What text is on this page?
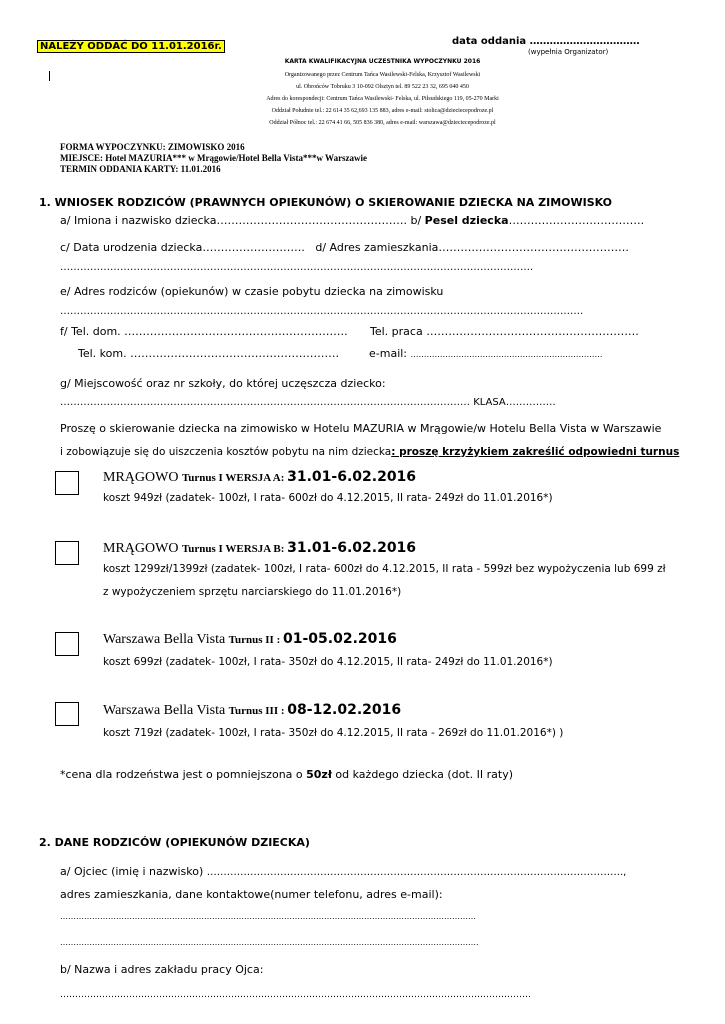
NALEŻY ODDAĆ DO 11.01.2016r.	data oddania ……………………………
(wypełnia Organizator)
KARTA KWALIFIKACYJNA UCZESTNIKA WYPOCZYNKU 2016
Organizowanego przez Centrum Tańca Wasilewski-Felska, Krzysztof Wasilewski
ul. Obrońców Tobruku 3 10-092 Olsztyn tel. 89 522 23 32, 695 040 450
Adres do korespondecji: Centrum Tańca Wasilewski- Felska, ul. Piłsudskiego 119, 05-270 Marki
Oddział Południe tel.: 22 614 35 62,693 135 883, adres e-mail: stolica@dzieciecepodroze.pl
Oddział Północ tel.: 22 674 41 66, 505 836 380, adres e-mail: warszawa@dzieciecepodroze.pl
FORMA WYPOCZYNKU: ZIMOWISKO 2016
MIEJSCE: Hotel MAZURIA*** w Mrągowie/Hotel Bella Vista***w Warszawie
TERMIN ODDANIA KARTY: 11.01.2016
1. WNIOSEK RODZICÓW (PRAWNYCH OPIEKUNÓW) O SKIEROWANIE DZIECKA NA ZIMOWISKO
a/ Imiona i nazwisko dziecka……………………………………………. b/ Pesel dziecka……………………………….
c/ Data urodzenia dziecka………………………. d/ Adres zamieszkania…………………………………………….
…………………………………………………………………………………………………………………………….
e/ Adres rodziców (opiekunów) w czasie pobytu dziecka na zimowisku
………………………………………………………………………………………………………………………………………….
f/ Tel. dom. ……………………………………………………. Tel. praca ………………………………………………….
Tel. kom. …………………………………………………	e-mail: ………………………………………………………………
g/ Miejscowość oraz nr szkoły, do której uczęszcza dziecko:
…………………………………………………………………………………………………………… KLASA……………
Proszę o skierowanie dziecka na zimowisko w Hotelu MAZURIA w Mrągowie/w Hotelu Bella Vista w Warszawie
i zobowiązuje się do uiszczenia kosztów pobytu na nim dziecka: proszę krzyżykiem zakreślić odpowiedni turnus
MRĄGOWO Turnus I WERSJA A: 31.01-6.02.2016
koszt 949zł (zadatek- 100zł, I rata- 600zł do 4.12.2015, II rata- 249zł do 11.01.2016*)
MRĄGOWO Turnus I WERSJA B: 31.01-6.02.2016
koszt 1299zł/1399zł (zadatek- 100zł, I rata- 600zł do 4.12.2015, II rata - 599zł bez wypożyczenia lub 699 zł
z wypożyczeniem sprzętu narciarskiego do 11.01.2016*)
Warszawa Bella Vista Turnus II : 01-05.02.2016
koszt 699zł (zadatek- 100zł, I rata- 350zł do 4.12.2015, II rata- 249zł do 11.01.2016*)
Warszawa Bella Vista Turnus III : 08-12.02.2016
koszt 719zł (zadatek- 100zł, I rata- 350zł do 4.12.2015, II rata - 269zł do 11.01.2016*) )
*cena dla rodzeństwa jest o pomniejszona o 50zł od każdego dziecka (dot. II raty)
2. DANE RODZICÓW (OPIEKUNÓW DZIECKA)
a/ Ojciec (imię i nazwisko) ……………………………………………………………………………………………………………..,
adres zamieszkania, dane kontaktowe(numer telefonu, adres e-mail):
…………………………………………………………………………………………………………………………………………
………………………………………………………………………………………………………………………………………….
b/ Nazwa i adres zakładu pracy Ojca:
………………………………………………………………………………………………………………………………………….
